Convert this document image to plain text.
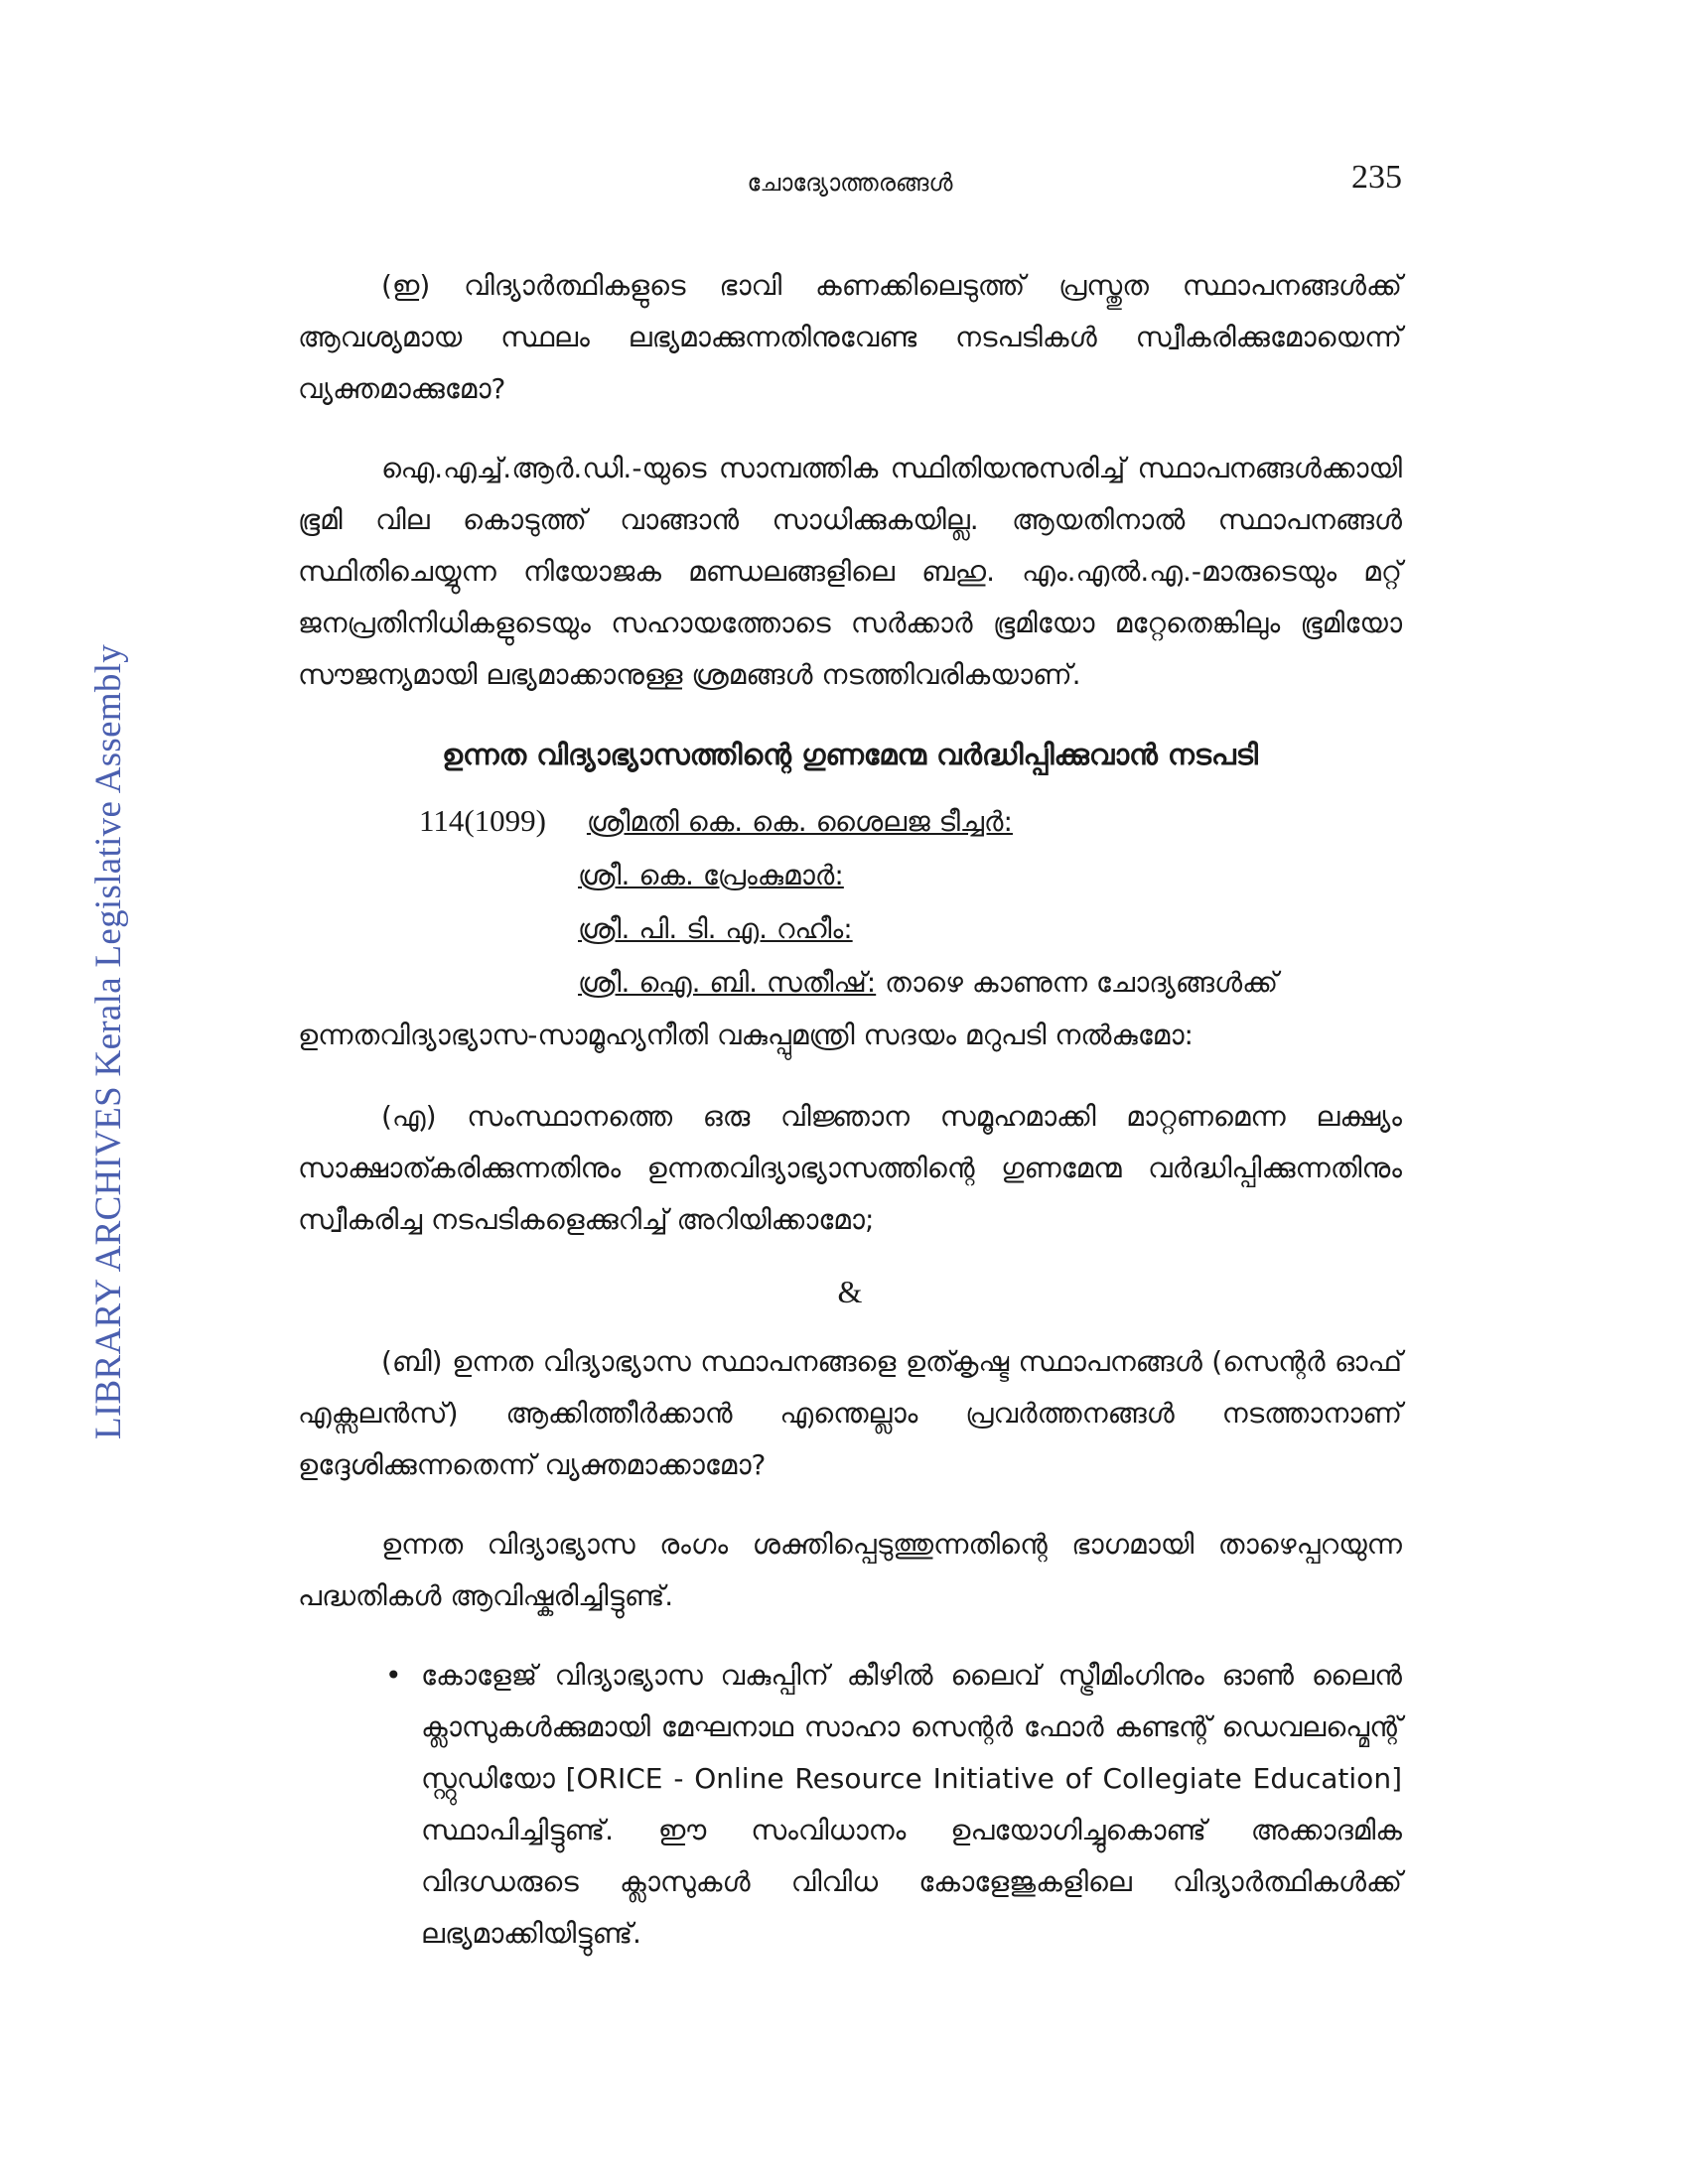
LIBRARY ARCHIVES Kerala Legislative Assembly
ചോദ്യോത്തരങ്ങൾ	235

(ഇ) വിദ്യാർത്ഥികളുടെ ഭാവി കണക്കിലെടുത്ത് പ്രസ്തുത സ്ഥാപനങ്ങൾക്ക് ആവശ്യമായ സ്ഥലം ലഭ്യമാക്കുന്നതിനുവേണ്ട നടപടികൾ സ്വീകരിക്കുമോയെന്ന് വ്യക്തമാക്കുമോ?

ഐ.എച്ച്.ആർ.ഡി.-യുടെ സാമ്പത്തിക സ്ഥിതിയനുസരിച്ച് സ്ഥാപനങ്ങൾക്കായി ഭൂമി വില കൊടുത്ത് വാങ്ങാൻ സാധിക്കുകയില്ല. ആയതിനാൽ സ്ഥാപനങ്ങൾ സ്ഥിതിചെയ്യുന്ന നിയോജക മണ്ഡലങ്ങളിലെ ബഹു. എം.എൽ.എ.-മാരുടെയും മറ്റ് ജനപ്രതിനിധികളുടെയും സഹായത്തോടെ സർക്കാർ ഭൂമിയോ മറ്റേതെങ്കിലും ഭൂമിയോ സൗജന്യമായി ലഭ്യമാക്കാനുള്ള ശ്രമങ്ങൾ നടത്തിവരികയാണ്.

ഉന്നത വിദ്യാഭ്യാസത്തിന്റെ ഗുണമേന്മ വർദ്ധിപ്പിക്കുവാൻ നടപടി
114(1099) ശ്രീമതി കെ. കെ. ശൈലജ ടീച്ചർ:
ശ്രീ. കെ. പ്രേംകുമാർ:
ശ്രീ. പി. ടി. എ. റഹീം:
ശ്രീ. ഐ. ബി. സതീഷ്: താഴെ കാണുന്ന ചോദ്യങ്ങൾക്ക്

ഉന്നതവിദ്യാഭ്യാസ-സാമൂഹ്യനീതി വകുപ്പുമന്ത്രി സദയം മറുപടി നൽകുമോ:

(എ) സംസ്ഥാനത്തെ ഒരു വിജ്ഞാന സമൂഹമാക്കി മാറ്റണമെന്ന ലക്ഷ്യം സാക്ഷാത്കരിക്കുന്നതിനും ഉന്നതവിദ്യാഭ്യാസത്തിന്റെ ഗുണമേന്മ വർദ്ധിപ്പിക്കുന്നതിനും സ്വീകരിച്ച നടപടികളെക്കുറിച്ച് അറിയിക്കാമോ;

&

(ബി) ഉന്നത വിദ്യാഭ്യാസ സ്ഥാപനങ്ങളെ ഉത്കൃഷ്ട സ്ഥാപനങ്ങൾ (സെന്റർ ഓഫ് എക്സലൻസ്) ആക്കിത്തീർക്കാൻ എന്തെല്ലാം പ്രവർത്തനങ്ങൾ നടത്താനാണ് ഉദ്ദേശിക്കുന്നതെന്ന് വ്യക്തമാക്കാമോ?

ഉന്നത വിദ്യാഭ്യാസ രംഗം ശക്തിപ്പെടുത്തുന്നതിന്റെ ഭാഗമായി താഴെപ്പറയുന്ന പദ്ധതികൾ ആവിഷ്കരിച്ചിട്ടുണ്ട്.

• കോളേജ് വിദ്യാഭ്യാസ വകുപ്പിന് കീഴിൽ ലൈവ് സ്ട്രീമിംഗിനും ഓൺ ലൈൻ ക്ലാസുകൾക്കുമായി മേഘനാഥ സാഹാ സെന്റർ ഫോർ കണ്ടന്റ് ഡെവലപ്മെന്റ് സ്റ്റുഡിയോ [ORICE - Online Resource Initiative of Collegiate Education] സ്ഥാപിച്ചിട്ടുണ്ട്. ഈ സംവിധാനം ഉപയോഗിച്ചുകൊണ്ട് അക്കാദമിക വിദഗ്ധരുടെ ക്ലാസുകൾ വിവിധ കോളേജുകളിലെ വിദ്യാർത്ഥികൾക്ക് ലഭ്യമാക്കിയിട്ടുണ്ട്.
